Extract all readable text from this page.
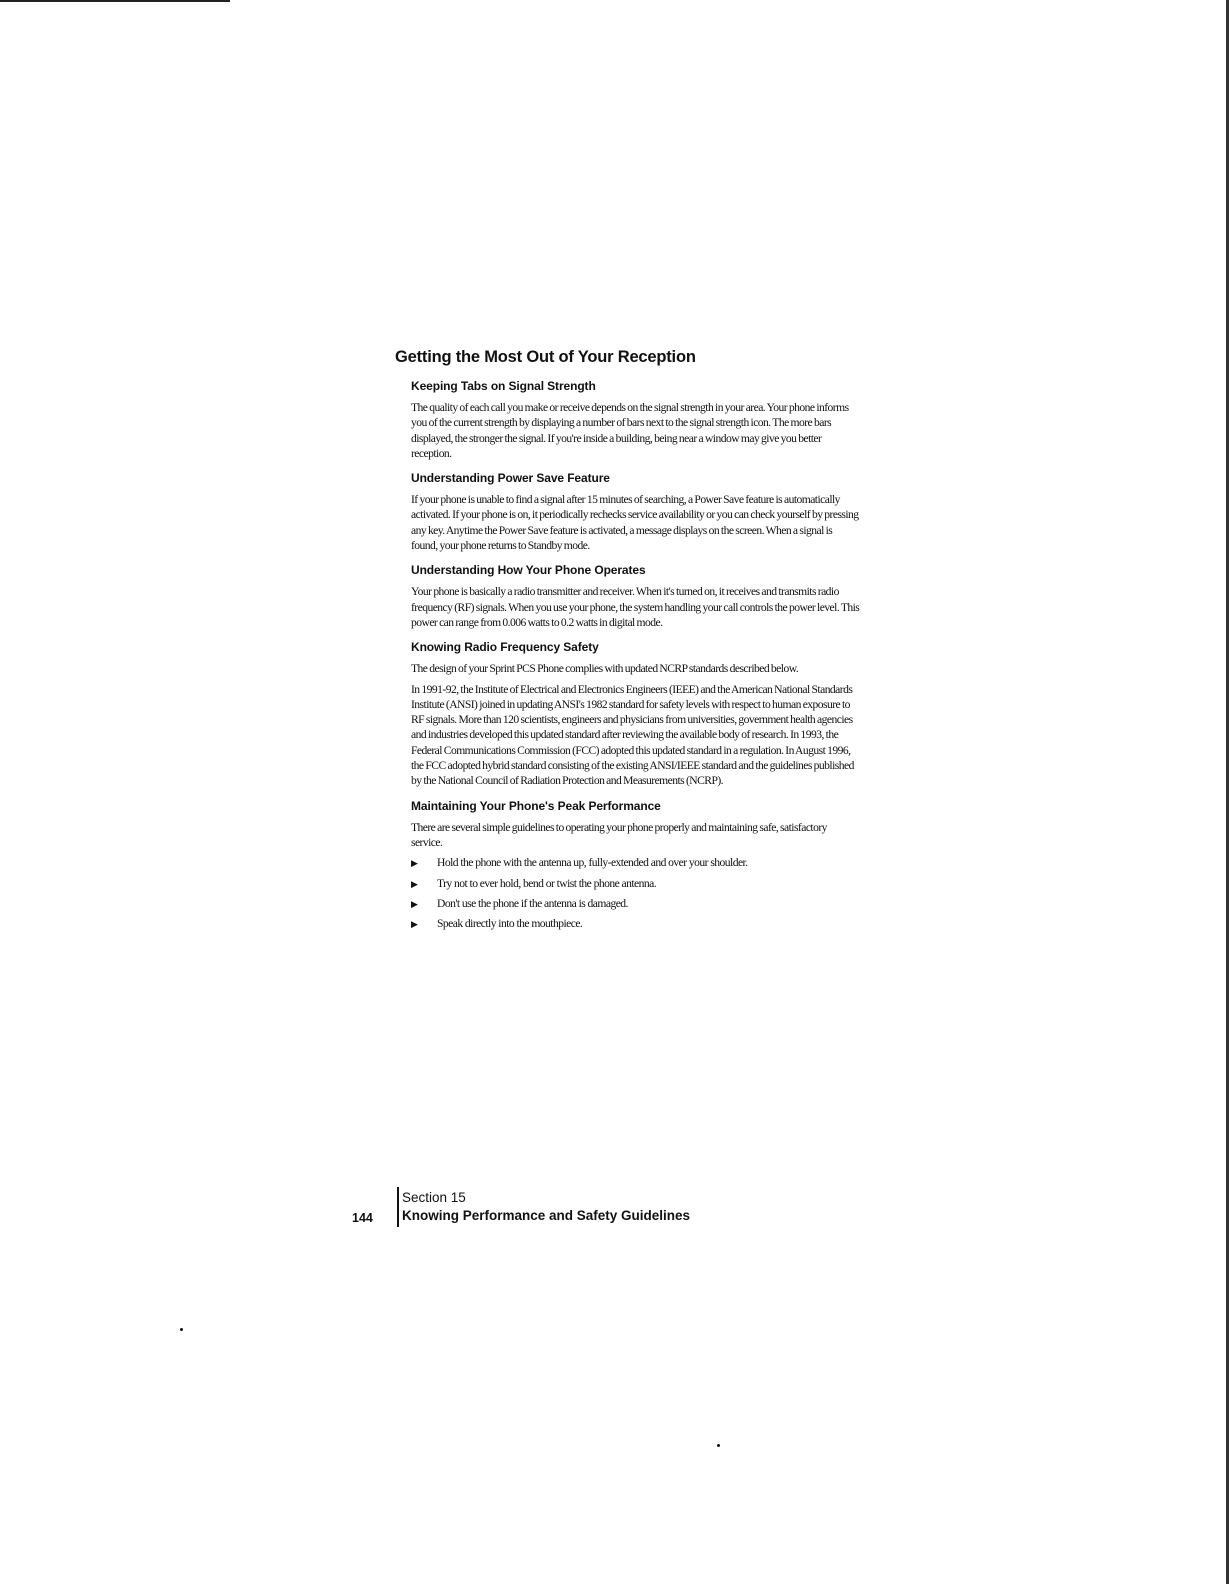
Getting the Most Out of Your Reception
Keeping Tabs on Signal Strength

The quality of each call you make or receive depends on the signal strength in your area. Your phone informs you of the current strength by displaying a number of bars next to the signal strength icon. The more bars displayed, the stronger the signal. If you're inside a building, being near a window may give you better reception.

Understanding Power Save Feature

If your phone is unable to find a signal after 15 minutes of searching, a Power Save feature is automatically activated. If your phone is on, it periodically rechecks service availability or you can check yourself by pressing any key. Anytime the Power Save feature is activated, a message displays on the screen. When a signal is found, your phone returns to Standby mode.

Understanding How Your Phone Operates

Your phone is basically a radio transmitter and receiver. When it's turned on, it receives and transmits radio frequency (RF) signals. When you use your phone, the system handling your call controls the power level. This power can range from 0.006 watts to 0.2 watts in digital mode.

Knowing Radio Frequency Safety

The design of your Sprint PCS Phone complies with updated NCRP standards described below.

In 1991-92, the Institute of Electrical and Electronics Engineers (IEEE) and the American National Standards Institute (ANSI) joined in updating ANSI's 1982 standard for safety levels with respect to human exposure to RF signals. More than 120 scientists, engineers and physicians from universities, government health agencies and industries developed this updated standard after reviewing the available body of research. In 1993, the Federal Communications Commission (FCC) adopted this updated standard in a regulation. In August 1996, the FCC adopted hybrid standard consisting of the existing ANSI/IEEE standard and the guidelines published by the National Council of Radiation Protection and Measurements (NCRP).

Maintaining Your Phone's Peak Performance

There are several simple guidelines to operating your phone properly and maintaining safe, satisfactory service.

▶	Hold the phone with the antenna up, fully-extended and over your shoulder.
▶	Try not to ever hold, bend or twist the phone antenna.
▶	Don't use the phone if the antenna is damaged.
▶	Speak directly into the mouthpiece.
144
Section 15
Knowing Performance and Safety Guidelines
